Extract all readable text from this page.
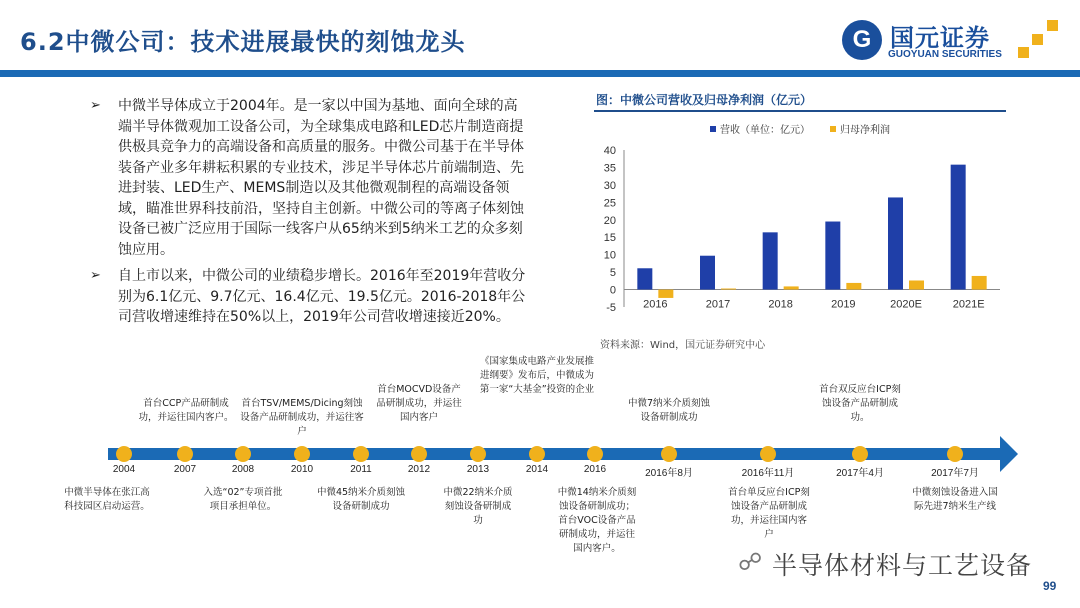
6.2中微公司：技术进展最快的刻蚀龙头	G 国元证券
GUOYUAN SECURITIES
➢ 中微半导体成立于2004年。是一家以中国为基地、面向全球的高端半导体微观加工设备公司，为全球集成电路和LED芯片制造商提供极具竞争力的高端设备和高质量的服务。中微公司基于在半导体装备产业多年耕耘积累的专业技术，涉足半导体芯片前端制造、先进封装、LED生产、MEMS制造以及其他微观制程的高端设备领域，瞄准世界科技前沿，坚持自主创新。中微公司的等离子体刻蚀设备已被广泛应用于国际一线客户从65纳米到5纳米工艺的众多刻蚀应用。
➢ 自上市以来，中微公司的业绩稳步增长。2016年至2019年营收分别为6.1亿元、9.7亿元、16.4亿元、19.5亿元。2016-2018年公司营收增速维持在50%以上，2019年公司营收增速接近20%。
图：中微公司营收及归母净利润（亿元）
-5
0
5
10
15
20
25
30
35
40
2016	2017	2018	2019	2020E	2021E
营收（单位：亿元）	归母净利润
资料来源：Wind，国元证券研究中心
2004	2007	2008	2010	2011	2012	2013	2014	2016	2016年8月	2016年11月	2017年4月	2017年7月
首台CCP产品研制成功，并运往国内客户。
首台TSV/MEMS/Dicing刻蚀设备产品研制成功，并运往客户
首台MOCVD设备产品研制成功，并运往国内客户
《国家集成电路产业发展推进纲要》发布后，中微成为第一家“大基金”投资的企业
中微7纳米介质刻蚀设备研制成功
首台双反应台ICP刻蚀设备产品研制成功。
中微半导体在张江高科技园区启动运营。
入选“02”专项首批项目承担单位。
中微45纳米介质刻蚀设备研制成功
中微22纳米介质刻蚀设备研制成功
中微14纳米介质刻蚀设备研制成功；首台VOC设备产品研制成功，并运往国内客户。
首台单反应台ICP刻蚀设备产品研制成功，并运往国内客户
中微刻蚀设备进入国际先进7纳米生产线
☍ 半导体材料与工艺设备
99
